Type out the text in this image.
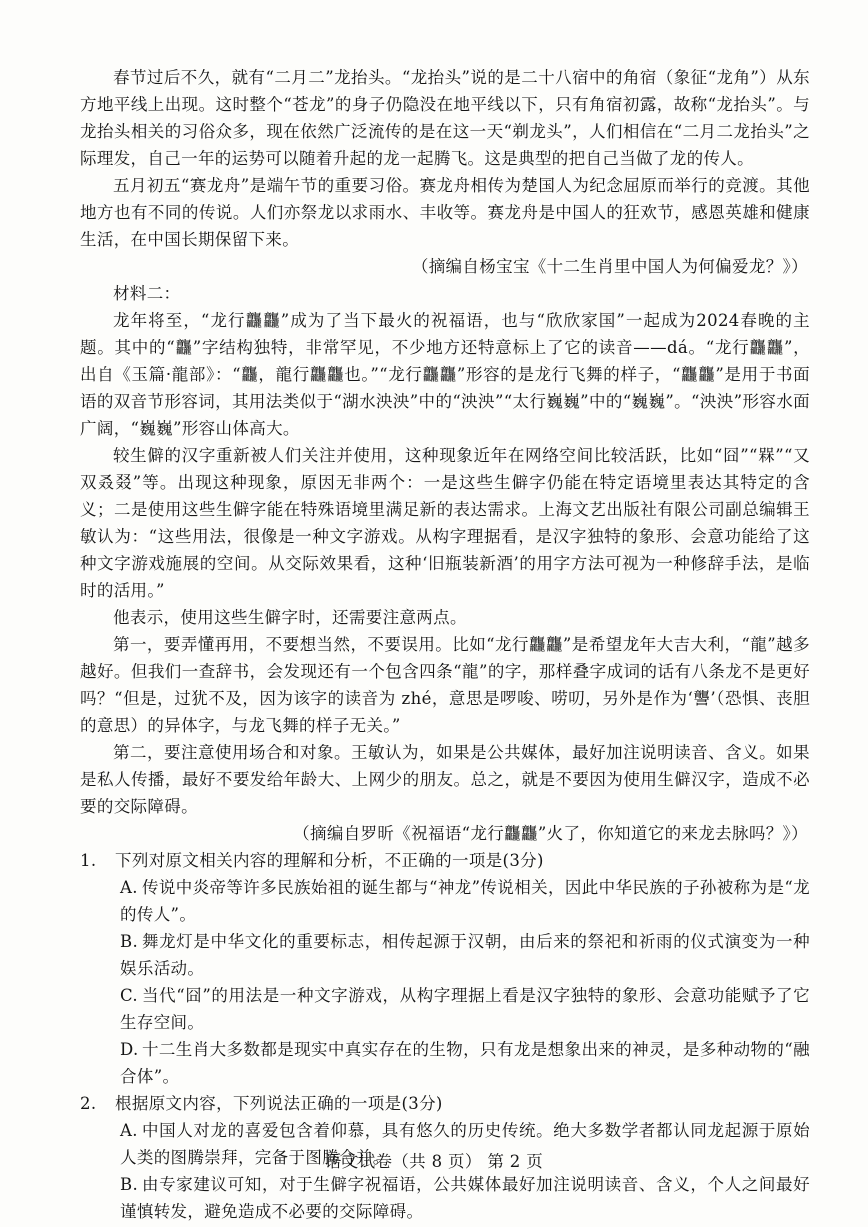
春节过后不久，就有“二月二”龙抬头。“龙抬头”说的是二十八宿中的角宿（象征“龙角”）从东方地平线上出现。这时整个“苍龙”的身子仍隐没在地平线以下，只有角宿初露，故称“龙抬头”。与龙抬头相关的习俗众多，现在依然广泛流传的是在这一天“剃龙头”，人们相信在“二月二龙抬头”之际理发，自己一年的运势可以随着升起的龙一起腾飞。这是典型的把自己当做了龙的传人。

五月初五“赛龙舟”是端午节的重要习俗。赛龙舟相传为楚国人为纪念屈原而举行的竞渡。其他地方也有不同的传说。人们亦祭龙以求雨水、丰收等。赛龙舟是中国人的狂欢节，感恩英雄和健康生活，在中国长期保留下来。

（摘编自杨宝宝《十二生肖里中国人为何偏爱龙？》）

材料二：

龙年将至，“龙行龘龘”成为了当下最火的祝福语，也与“欣欣家国”一起成为2024春晚的主题。其中的“龘”字结构独特，非常罕见，不少地方还特意标上了它的读音——dá。“龙行龘龘”，出自《玉篇·龍部》：“龘，龍行龘龘也。”“龙行龘龘”形容的是龙行飞舞的样子，“龘龘”是用于书面语的双音节形容词，其用法类似于“湖水泱泱”中的“泱泱”“太行巍巍”中的“巍巍”。“泱泱”形容水面广阔，“巍巍”形容山体高大。

较生僻的汉字重新被人们关注并使用，这种现象近年在网络空间比较活跃，比如“囧”“槑”“又双叒叕”等。出现这种现象，原因无非两个：一是这些生僻字仍能在特定语境里表达其特定的含义；二是使用这些生僻字能在特殊语境里满足新的表达需求。上海文艺出版社有限公司副总编辑王敏认为：“这些用法，很像是一种文字游戏。从构字理据看，是汉字独特的象形、会意功能给了这种文字游戏施展的空间。从交际效果看，这种‘旧瓶装新酒’的用字方法可视为一种修辞手法，是临时的活用。”

他表示，使用这些生僻字时，还需要注意两点。

第一，要弄懂再用，不要想当然，不要误用。比如“龙行龘龘”是希望龙年大吉大利，“龍”越多越好。但我们一查辞书，会发现还有一个包含四条“龍”的字，那样叠字成词的话有八条龙不是更好吗？“但是，过犹不及，因为该字的读音为 zhé，意思是啰唆、唠叨，另外是作为‘讋’（恐惧、丧胆的意思）的异体字，与龙飞舞的样子无关。”

第二，要注意使用场合和对象。王敏认为，如果是公共媒体，最好加注说明读音、含义。如果是私人传播，最好不要发给年龄大、上网少的朋友。总之，就是不要因为使用生僻汉字，造成不必要的交际障碍。

（摘编自罗昕《祝福语“龙行龘龘”火了，你知道它的来龙去脉吗？》）

1. 下列对原文相关内容的理解和分析，不正确的一项是(3分)

A. 传说中炎帝等许多民族始祖的诞生都与“神龙”传说相关，因此中华民族的子孙被称为是“龙的传人”。

B. 舞龙灯是中华文化的重要标志，相传起源于汉朝，由后来的祭祀和祈雨的仪式演变为一种娱乐活动。

C. 当代“囧”的用法是一种文字游戏，从构字理据上看是汉字独特的象形、会意功能赋予了它生存空间。

D. 十二生肖大多数都是现实中真实存在的生物，只有龙是想象出来的神灵，是多种动物的“融合体”。

2. 根据原文内容，下列说法正确的一项是(3分)

A. 中国人对龙的喜爱包含着仰慕，具有悠久的历史传统。绝大多数学者都认同龙起源于原始人类的图腾崇拜，完备于图腾合并。

B. 由专家建议可知，对于生僻字祝福语，公共媒体最好加注说明读音、含义，个人之间最好谨慎转发，避免造成不必要的交际障碍。

语文试卷（共 8 页） 第 2 页
